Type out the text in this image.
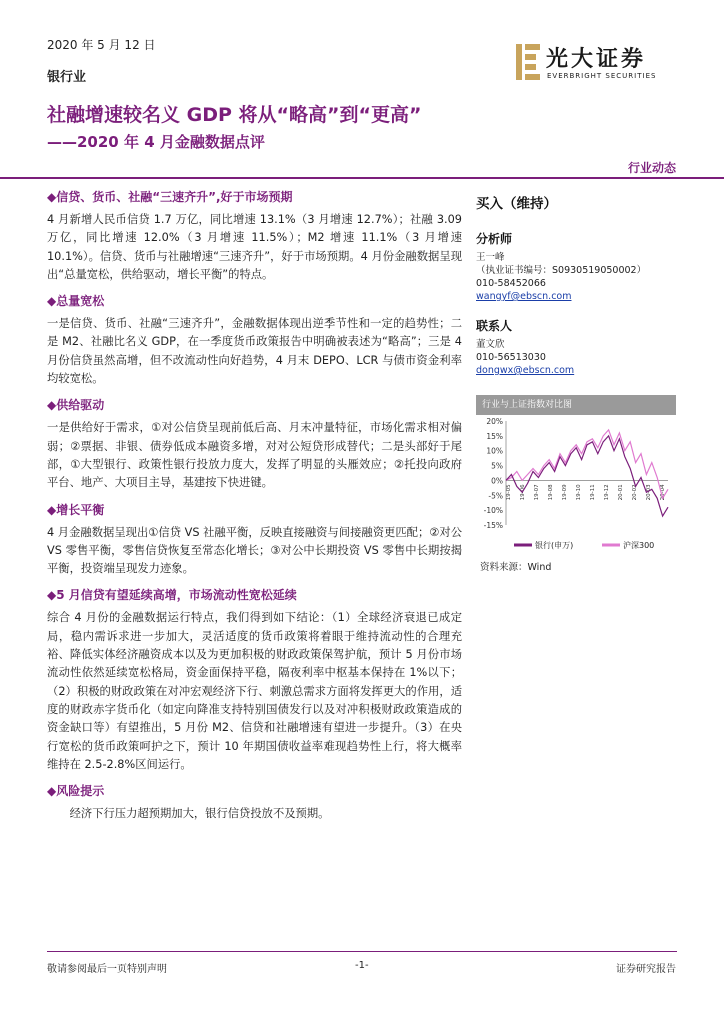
2020 年 5 月 12 日
银行业
社融增速较名义 GDP 将从“略高”到“更高”
——2020 年 4 月金融数据点评
行业动态
光大证券
EVERBRIGHT SECURITIES
◆信贷、货币、社融“三速齐升”,好于市场预期

4 月新增人民币信贷 1.7 万亿，同比增速 13.1%（3 月增速 12.7%）；社融 3.09 万亿，同比增速 12.0%（3 月增速 11.5%）；M2 增速 11.1%（3 月增速 10.1%）。信贷、货币与社融增速“三速齐升”，好于市场预期。4 月份金融数据呈现出“总量宽松，供给驱动，增长平衡”的特点。

◆总量宽松

一是信贷、货币、社融“三速齐升”，金融数据体现出逆季节性和一定的趋势性；二是 M2、社融比名义 GDP，在一季度货币政策报告中明确被表述为“略高”；三是 4 月份信贷虽然高增，但不改流动性向好趋势，4 月末 DEPO、LCR 与债市资金利率均较宽松。

◆供给驱动

一是供给好于需求，①对公信贷呈现前低后高、月末冲量特征，市场化需求相对偏弱；②票据、非银、债券低成本融资多增，对对公短贷形成替代；二是头部好于尾部，①大型银行、政策性银行投放力度大，发挥了明显的头雁效应；②托投向政府平台、地产、大项目主导，基建按下快进键。

◆增长平衡

4 月金融数据呈现出①信贷 VS 社融平衡，反映直接融资与间接融资更匹配；②对公 VS 零售平衡，零售信贷恢复至常态化增长；③对公中长期投资 VS 零售中长期按揭平衡，投资端呈现发力迹象。

◆5 月信贷有望延续高增，市场流动性宽松延续

综合 4 月份的金融数据运行特点，我们得到如下结论：（1）全球经济衰退已成定局，稳内需诉求进一步加大，灵活适度的货币政策将着眼于维持流动性的合理充裕、降低实体经济融资成本以及为更加积极的财政政策保驾护航，预计 5 月份市场流动性依然延续宽松格局，资金面保持平稳，隔夜利率中枢基本保持在 1%以下；（2）积极的财政政策在对冲宏观经济下行、刺激总需求方面将发挥更大的作用，适度的财政赤字货币化（如定向降准支持特别国债发行以及对冲积极财政政策造成的资金缺口等）有望推出，5 月份 M2、信贷和社融增速有望进一步提升。（3）在央行宽松的货币政策呵护之下，预计 10 年期国债收益率难现趋势性上行，将大概率维持在 2.5-2.8%区间运行。

◆风险提示

经济下行压力超预期加大，银行信贷投放不及预期。

买入（维持）
分析师
王一峰 （执业证书编号：S0930519050002）
010-58452066
wangyf@ebscn.com
联系人
董文欣
010-56513030
dongwx@ebscn.com
行业与上证指数对比图
20%
15%
10%
5%
0%
-5%
-10%
-15%
19-05 19-06 19-07 19-08 19-09 19-10 19-11 19-12 20-01 20-02 20-03 20-04
银行(申万)	沪深300
资料来源：Wind
敬请参阅最后一页特别声明	-1-	证券研究报告
